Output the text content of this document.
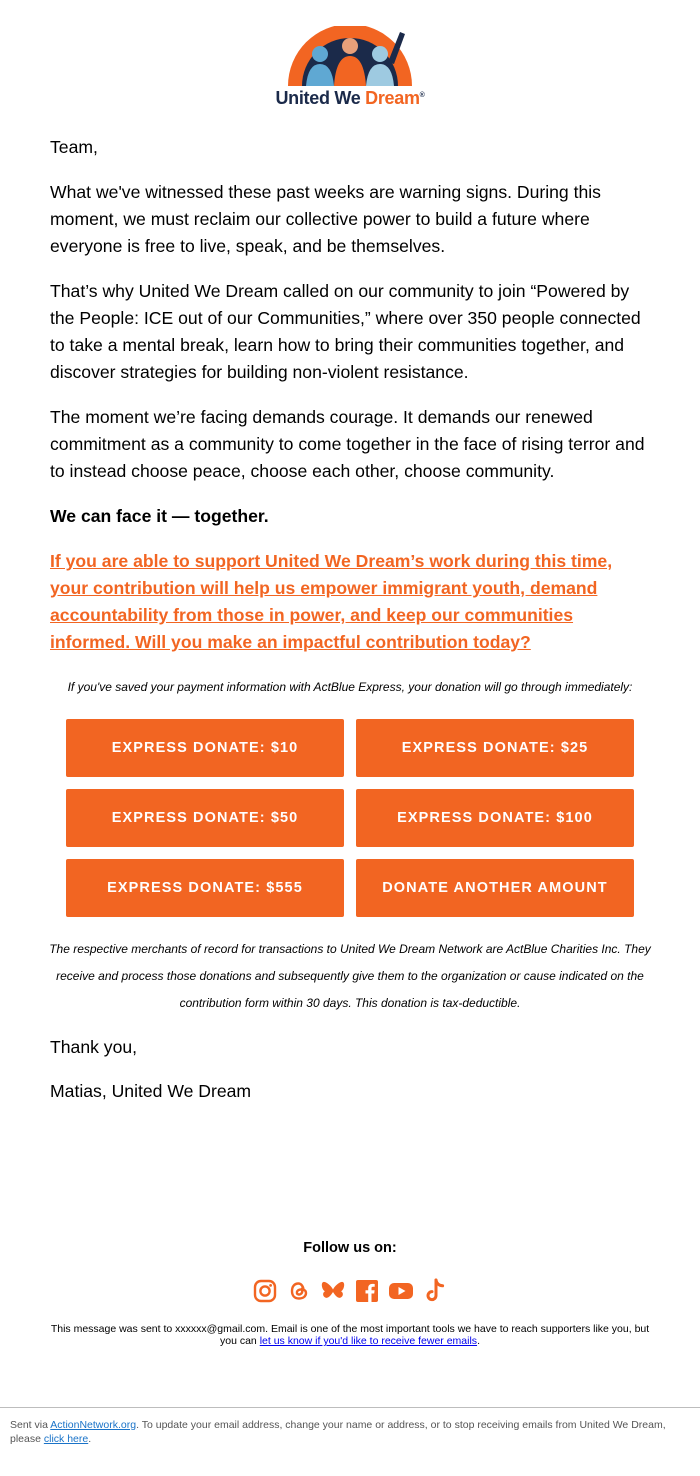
United We Dream®

Team,

What we've witnessed these past weeks are warning signs. During this moment, we must reclaim our collective power to build a future where everyone is free to live, speak, and be themselves.

That’s why United We Dream called on our community to join “Powered by the People: ICE out of our Communities,” where over 350 people connected to take a mental break, learn how to bring their communities together, and discover strategies for building non-violent resistance.

The moment we’re facing demands courage. It demands our renewed commitment as a community to come together in the face of rising terror and to instead choose peace, choose each other, choose community.

We can face it — together.

If you are able to support United We Dream’s work during this time, your contribution will help us empower immigrant youth, demand accountability from those in power, and keep our communities informed. Will you make an impactful contribution today?

If you've saved your payment information with ActBlue Express, your donation will go through immediately:
EXPRESS DONATE: $10	EXPRESS DONATE: $25
EXPRESS DONATE: $50	EXPRESS DONATE: $100
EXPRESS DONATE: $555	DONATE ANOTHER AMOUNT
The respective merchants of record for transactions to United We Dream Network are ActBlue Charities Inc. They receive and process those donations and subsequently give them to the organization or cause indicated on the contribution form within 30 days. This donation is tax-deductible.
Thank you,
Matias, United We Dream
Follow us on:
This message was sent to xxxxxx@gmail.com. Email is one of the most important tools we have to reach supporters like you, but you can let us know if you'd like to receive fewer emails.
Sent via ActionNetwork.org. To update your email address, change your name or address, or to stop receiving emails from United We Dream, please click here.
